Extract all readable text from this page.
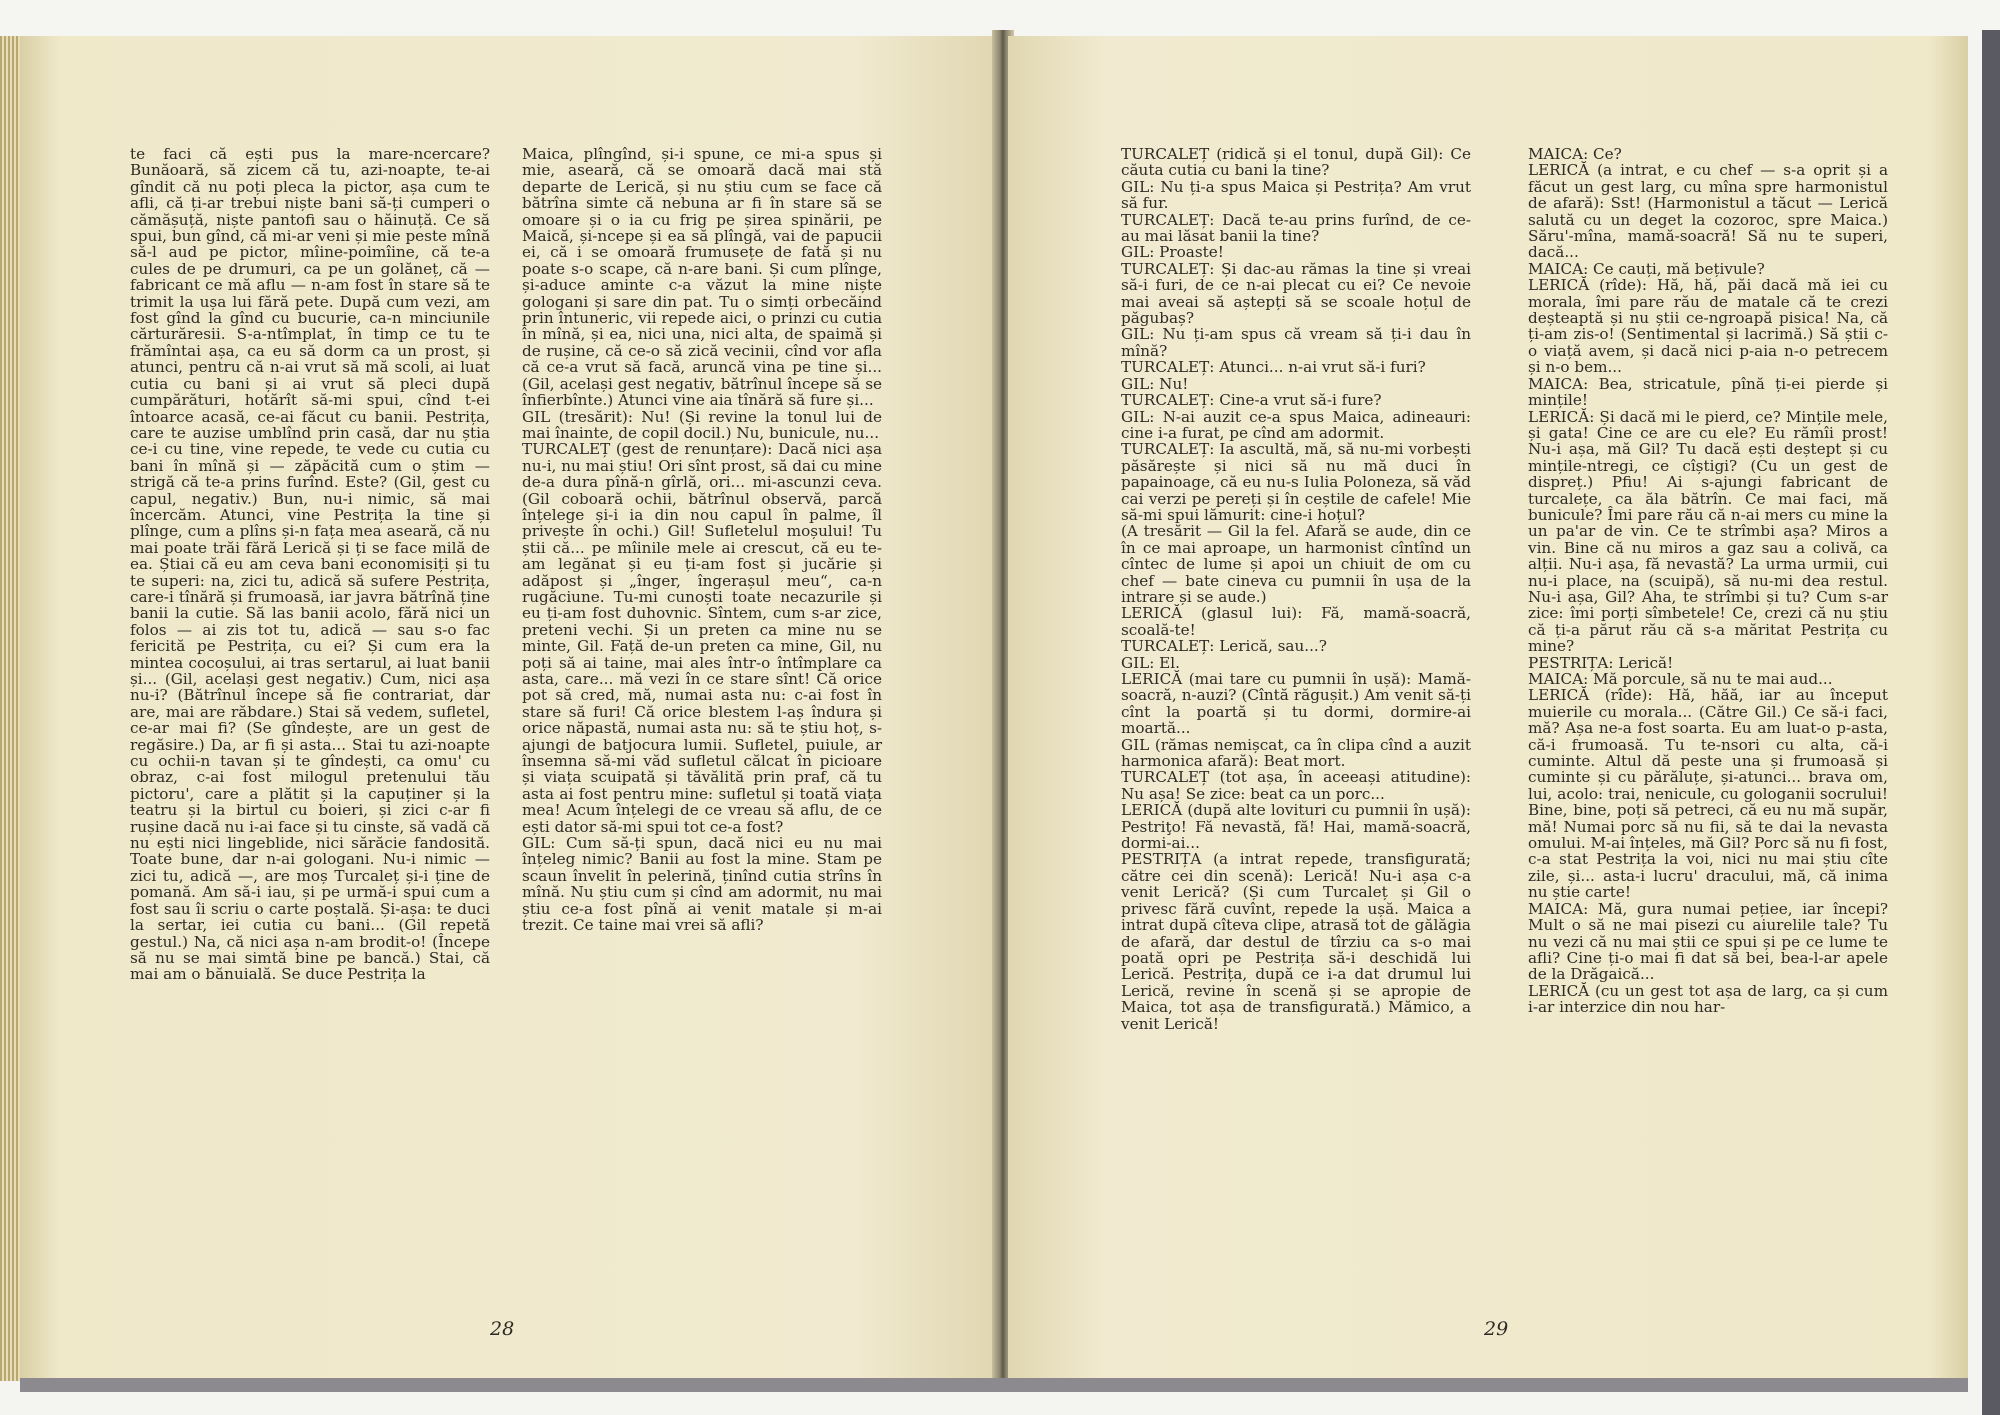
te faci că ești pus la mare-ncercare? Bunăoară, să zicem că tu, azi-noapte, te-ai gîndit că nu poți pleca la pictor, așa cum te afli, că ți-ar trebui niște bani să-ți cumperi o cămășuță, niște pantofi sau o hăinuță. Ce să spui, bun gînd, că mi-ar veni și mie peste mînă să-l aud pe pictor, mîine-poimîine, că te-a cules de pe drumuri, ca pe un golăneț, că — fabricant ce mă aflu — n-am fost în stare să te trimit la ușa lui fără pete. După cum vezi, am fost gînd la gînd cu bucurie, ca-n minciunile cărturăresii. S-a-ntîmplat, în timp ce tu te frămîntai așa, ca eu să dorm ca un prost, și atunci, pentru că n-ai vrut să mă scoli, ai luat cutia cu bani și ai vrut să pleci după cumpărături, hotărît să-mi spui, cînd t-ei întoarce acasă, ce-ai făcut cu banii. Pestrița, care te auzise umblînd prin casă, dar nu știa ce-i cu tine, vine repede, te vede cu cutia cu bani în mînă și — zăpăcită cum o știm — strigă că te-a prins furînd. Este? (Gil, gest cu capul, negativ.) Bun, nu-i nimic, să mai încercăm. Atunci, vine Pestrița la tine și plînge, cum a plîns și-n fața mea aseară, că nu mai poate trăi fără Lerică și ți se face milă de ea. Știai că eu am ceva bani economisiți și tu te superi: na, zici tu, adică să sufere Pestrița, care-i tînără și frumoasă, iar javra bătrînă ține banii la cutie. Să las banii acolo, fără nici un folos — ai zis tot tu, adică — sau s-o fac fericită pe Pestrița, cu ei? Și cum era la mintea cocoșului, ai tras sertarul, ai luat banii și... (Gil, același gest negativ.) Cum, nici așa nu-i? (Bătrînul începe să fie contrariat, dar are, mai are răbdare.) Stai să vedem, sufletel, ce-ar mai fi? (Se gîndește, are un gest de regăsire.) Da, ar fi și asta... Stai tu azi-noapte cu ochii-n tavan și te gîndești, ca omu' cu obraz, c-ai fost milogul pretenului tău pictoru', care a plătit și la capuținer și la teatru și la birtul cu boieri, și zici c-ar fi rușine dacă nu i-ai face și tu cinste, să vadă că nu ești nici lingeblide, nici sărăcie fandosită. Toate bune, dar n-ai gologani. Nu-i nimic — zici tu, adică —, are moș Turcaleț și-i ține de pomană. Am să-i iau, și pe urmă-i spui cum a fost sau îi scriu o carte poștală. Și-așa: te duci la sertar, iei cutia cu bani... (Gil repetă gestul.) Na, că nici așa n-am brodit-o! (Începe să nu se mai simtă bine pe bancă.) Stai, că mai am o bănuială. Se duce Pestrița la

Maica, plîngînd, și-i spune, ce mi-a spus și mie, aseară, că se omoară dacă mai stă departe de Lerică, și nu știu cum se face că bătrîna simte că nebuna ar fi în stare să se omoare și o ia cu frig pe șirea spinării, pe Maică, și-ncepe și ea să plîngă, vai de papucii ei, că i se omoară frumusețe de fată și nu poate s-o scape, că n-are bani. Și cum plînge, și-aduce aminte c-a văzut la mine niște gologani și sare din pat. Tu o simți orbecăind prin întuneric, vii repede aici, o prinzi cu cutia în mînă, și ea, nici una, nici alta, de spaimă și de rușine, că ce-o să zică vecinii, cînd vor afla că ce-a vrut să facă, aruncă vina pe tine și... (Gil, același gest negativ, bătrînul începe să se înfierbînte.) Atunci vine aia tînără să fure și...
GIL (tresărit): Nu! (Și revine la tonul lui de mai înainte, de copil docil.) Nu, bunicule, nu...
TURCALEȚ (gest de renunțare): Dacă nici așa nu-i, nu mai știu! Ori sînt prost, să dai cu mine de-a dura pînă-n gîrlă, ori... mi-ascunzi ceva. (Gil coboară ochii, bătrînul observă, parcă înțelege și-i ia din nou capul în palme, îl privește în ochi.) Gil! Sufletelul moșului! Tu știi că... pe mîinile mele ai crescut, că eu te-am legănat și eu ți-am fost și jucărie și adăpost și „înger, îngerașul meu“, ca-n rugăciune. Tu-mi cunoști toate necazurile și eu ți-am fost duhovnic. Sîntem, cum s-ar zice, preteni vechi. Și un preten ca mine nu se minte, Gil. Față de-un preten ca mine, Gil, nu poți să ai taine, mai ales într-o întîmplare ca asta, care... mă vezi în ce stare sînt! Că orice pot să cred, mă, numai asta nu: c-ai fost în stare să furi! Că orice blestem l-aș îndura și orice năpastă, numai asta nu: să te știu hoț, s-ajungi de batjocura lumii. Sufletel, puiule, ar însemna să-mi văd sufletul călcat în picioare și viața scuipată și tăvălită prin praf, că tu asta ai fost pentru mine: sufletul și toată viața mea! Acum înțelegi de ce vreau să aflu, de ce ești dator să-mi spui tot ce-a fost?
GIL: Cum să-ți spun, dacă nici eu nu mai înțeleg nimic? Banii au fost la mine. Stam pe scaun învelit în pelerină, ținînd cutia strîns în mînă. Nu știu cum și cînd am adormit, nu mai știu ce-a fost pînă ai venit matale și m-ai trezit. Ce taine mai vrei să afli?

28

TURCALEȚ (ridică și el tonul, după Gil): Ce căuta cutia cu bani la tine?
GIL: Nu ți-a spus Maica și Pestrița? Am vrut să fur.
TURCALEȚ: Dacă te-au prins furînd, de ce-au mai lăsat banii la tine?
GIL: Proaste!
TURCALEȚ: Și dac-au rămas la tine și vreai să-i furi, de ce n-ai plecat cu ei? Ce nevoie mai aveai să aștepți să se scoale hoțul de păgubaș?
GIL: Nu ți-am spus că vream să ți-i dau în mînă?
TURCALEȚ: Atunci... n-ai vrut să-i furi?
GIL: Nu!
TURCALEȚ: Cine-a vrut să-i fure?
GIL: N-ai auzit ce-a spus Maica, adineauri: cine i-a furat, pe cînd am adormit.
TURCALEȚ: Ia ascultă, mă, să nu-mi vorbești păsărește și nici să nu mă duci în papainoage, că eu nu-s Iulia Poloneza, să văd cai verzi pe pereți și în ceștile de cafele! Mie să-mi spui lămurit: cine-i hoțul?
(A tresărit — Gil la fel. Afară se aude, din ce în ce mai aproape, un harmonist cîntînd un cîntec de lume și apoi un chiuit de om cu chef — bate cineva cu pumnii în ușa de la intrare și se aude.)
LERICĂ (glasul lui): Fă, mamă-soacră, scoală-te!
TURCALEȚ: Lerică, sau...?
GIL: El.
LERICĂ (mai tare cu pumnii în ușă): Mamă-soacră, n-auzi? (Cîntă răgușit.) Am venit să-ți cînt la poartă și tu dormi, dormire-ai moartă...
GIL (rămas nemișcat, ca în clipa cînd a auzit harmonica afară): Beat mort.
TURCALEȚ (tot așa, în aceeași atitudine): Nu așa! Se zice: beat ca un porc...
LERICĂ (după alte lovituri cu pumnii în ușă): Pestriţo! Fă nevastă, fă! Hai, mamă-soacră, dormi-ai...
PESTRIȚA (a intrat repede, transfigurată; către cei din scenă): Lerică! Nu-i așa c-a venit Lerică? (Și cum Turcaleț și Gil o privesc fără cuvînt, repede la ușă. Maica a intrat după cîteva clipe, atrasă tot de gălăgia de afară, dar destul de tîrziu ca s-o mai poată opri pe Pestrița să-i deschidă lui Lerică. Pestrița, după ce i-a dat drumul lui Lerică, revine în scenă și se apropie de Maica, tot așa de transfigurată.) Mămico, a venit Lerică!

MAICA: Ce?
LERICĂ (a intrat, e cu chef — s-a oprit și a făcut un gest larg, cu mîna spre harmonistul de afară): Sst! (Harmonistul a tăcut — Lerică salută cu un deget la cozoroc, spre Maica.) Săru'-mîna, mamă-soacră! Să nu te superi, dacă...
MAICA: Ce cauți, mă bețivule?
LERICĂ (rîde): Hă, hă, păi dacă mă iei cu morala, îmi pare rău de matale că te crezi deșteaptă și nu știi ce-ngroapă pisica! Na, că ți-am zis-o! (Sentimental și lacrimă.) Să știi c-o viață avem, și dacă nici p-aia n-o petrecem și n-o bem...
MAICA: Bea, stricatule, pînă ți-ei pierde și mințile!
LERICĂ: Și dacă mi le pierd, ce? Mințile mele, și gata! Cine ce are cu ele? Eu rămîi prost! Nu-i așa, mă Gil? Tu dacă ești deștept și cu mințile-ntregi, ce cîștigi? (Cu un gest de dispreț.) Pfiu! Ai s-ajungi fabricant de turcalețe, ca ăla bătrîn. Ce mai faci, mă bunicule? Îmi pare rău că n-ai mers cu mine la un pa'ar de vin. Ce te strîmbi așa? Miros a vin. Bine că nu miros a gaz sau a colivă, ca alții. Nu-i așa, fă nevastă? La urma urmii, cui nu-i place, na (scuipă), să nu-mi dea restul. Nu-i așa, Gil? Aha, te strîmbi și tu? Cum s-ar zice: îmi porți sîmbetele! Ce, crezi că nu știu că ți-a părut rău că s-a măritat Pestrița cu mine?
PESTRIȚA: Lerică!
MAICA: Mă porcule, să nu te mai aud...
LERICĂ (rîde): Hă, hăă, iar au început muierile cu morala... (Către Gil.) Ce să-i faci, mă? Așa ne-a fost soarta. Eu am luat-o p-asta, că-i frumoasă. Tu te-nsori cu alta, că-i cuminte. Altul dă peste una și frumoasă și cuminte și cu părăluțe, și-atunci... brava om, lui, acolo: trai, nenicule, cu gologanii socrului! Bine, bine, poți să petreci, că eu nu mă supăr, mă! Numai porc să nu fii, să te dai la nevasta omului. M-ai înțeles, mă Gil? Porc să nu fi fost, c-a stat Pestrița la voi, nici nu mai știu cîte zile, și... asta-i lucru' dracului, mă, că inima nu știe carte!
MAICA: Mă, gura numai pețiee, iar începi? Mult o să ne mai pisezi cu aiurelile tale? Tu nu vezi că nu mai știi ce spui și pe ce lume te afli? Cine ți-o mai fi dat să bei, bea-l-ar apele de la Drăgaică...
LERICĂ (cu un gest tot așa de larg, ca și cum i-ar interzice din nou har-

29
